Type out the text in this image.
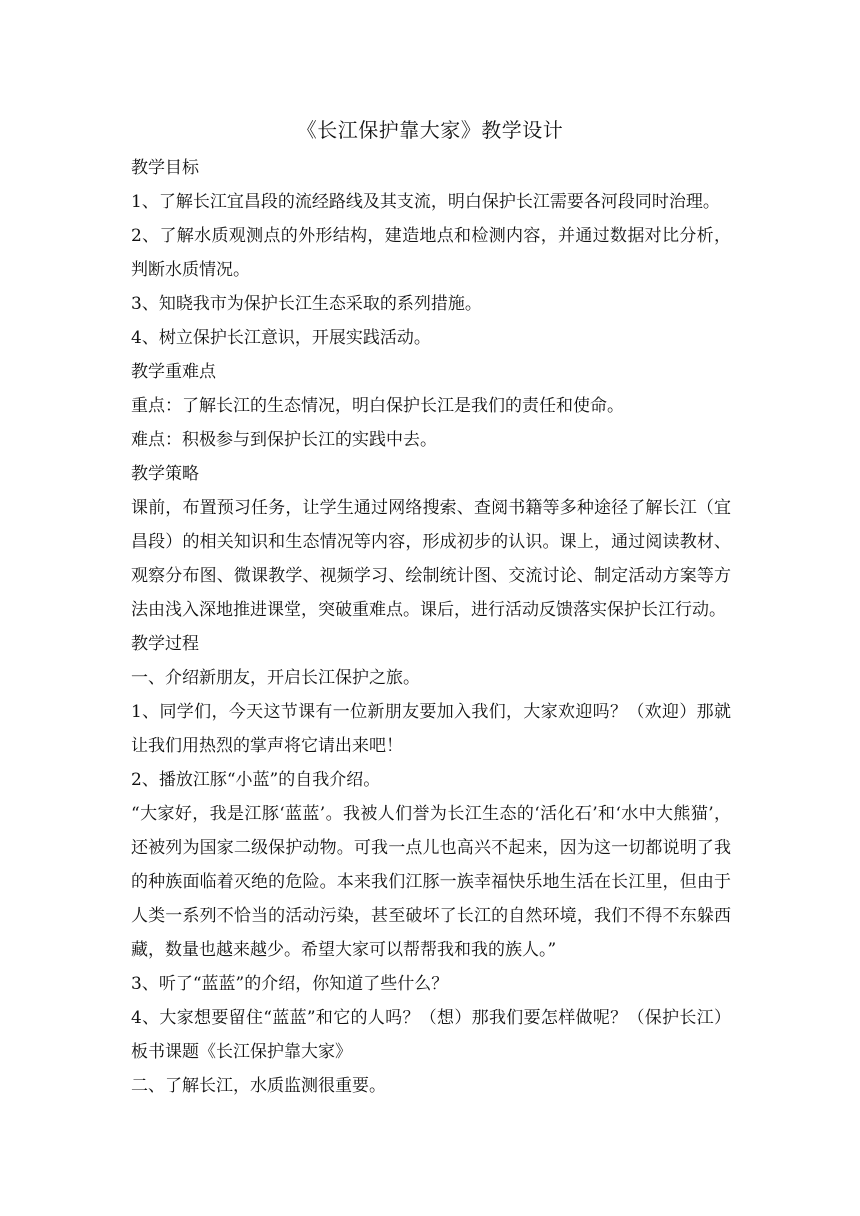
《长江保护靠大家》教学设计

教学目标

1、了解长江宜昌段的流经路线及其支流，明白保护长江需要各河段同时治理。

2、了解水质观测点的外形结构，建造地点和检测内容，并通过数据对比分析，判断水质情况。

3、知晓我市为保护长江生态采取的系列措施。

4、树立保护长江意识，开展实践活动。

教学重难点

重点：了解长江的生态情况，明白保护长江是我们的责任和使命。

难点：积极参与到保护长江的实践中去。

教学策略

课前，布置预习任务，让学生通过网络搜索、查阅书籍等多种途径了解长江（宜昌段）的相关知识和生态情况等内容，形成初步的认识。课上，通过阅读教材、观察分布图、微课教学、视频学习、绘制统计图、交流讨论、制定活动方案等方法由浅入深地推进课堂，突破重难点。课后，进行活动反馈落实保护长江行动。

教学过程

一、介绍新朋友，开启长江保护之旅。

1、同学们，今天这节课有一位新朋友要加入我们，大家欢迎吗？（欢迎）那就让我们用热烈的掌声将它请出来吧！

2、播放江豚“小蓝”的自我介绍。

“大家好，我是江豚‘蓝蓝’。我被人们誉为长江生态的‘活化石’和‘水中大熊猫’，还被列为国家二级保护动物。可我一点儿也高兴不起来，因为这一切都说明了我的种族面临着灭绝的危险。本来我们江豚一族幸福快乐地生活在长江里，但由于人类一系列不恰当的活动污染，甚至破坏了长江的自然环境，我们不得不东躲西藏，数量也越来越少。希望大家可以帮帮我和我的族人。”

3、听了“蓝蓝”的介绍，你知道了些什么？

4、大家想要留住“蓝蓝”和它的人吗？（想）那我们要怎样做呢？（保护长江） 板书课题《长江保护靠大家》

二、了解长江，水质监测很重要。
